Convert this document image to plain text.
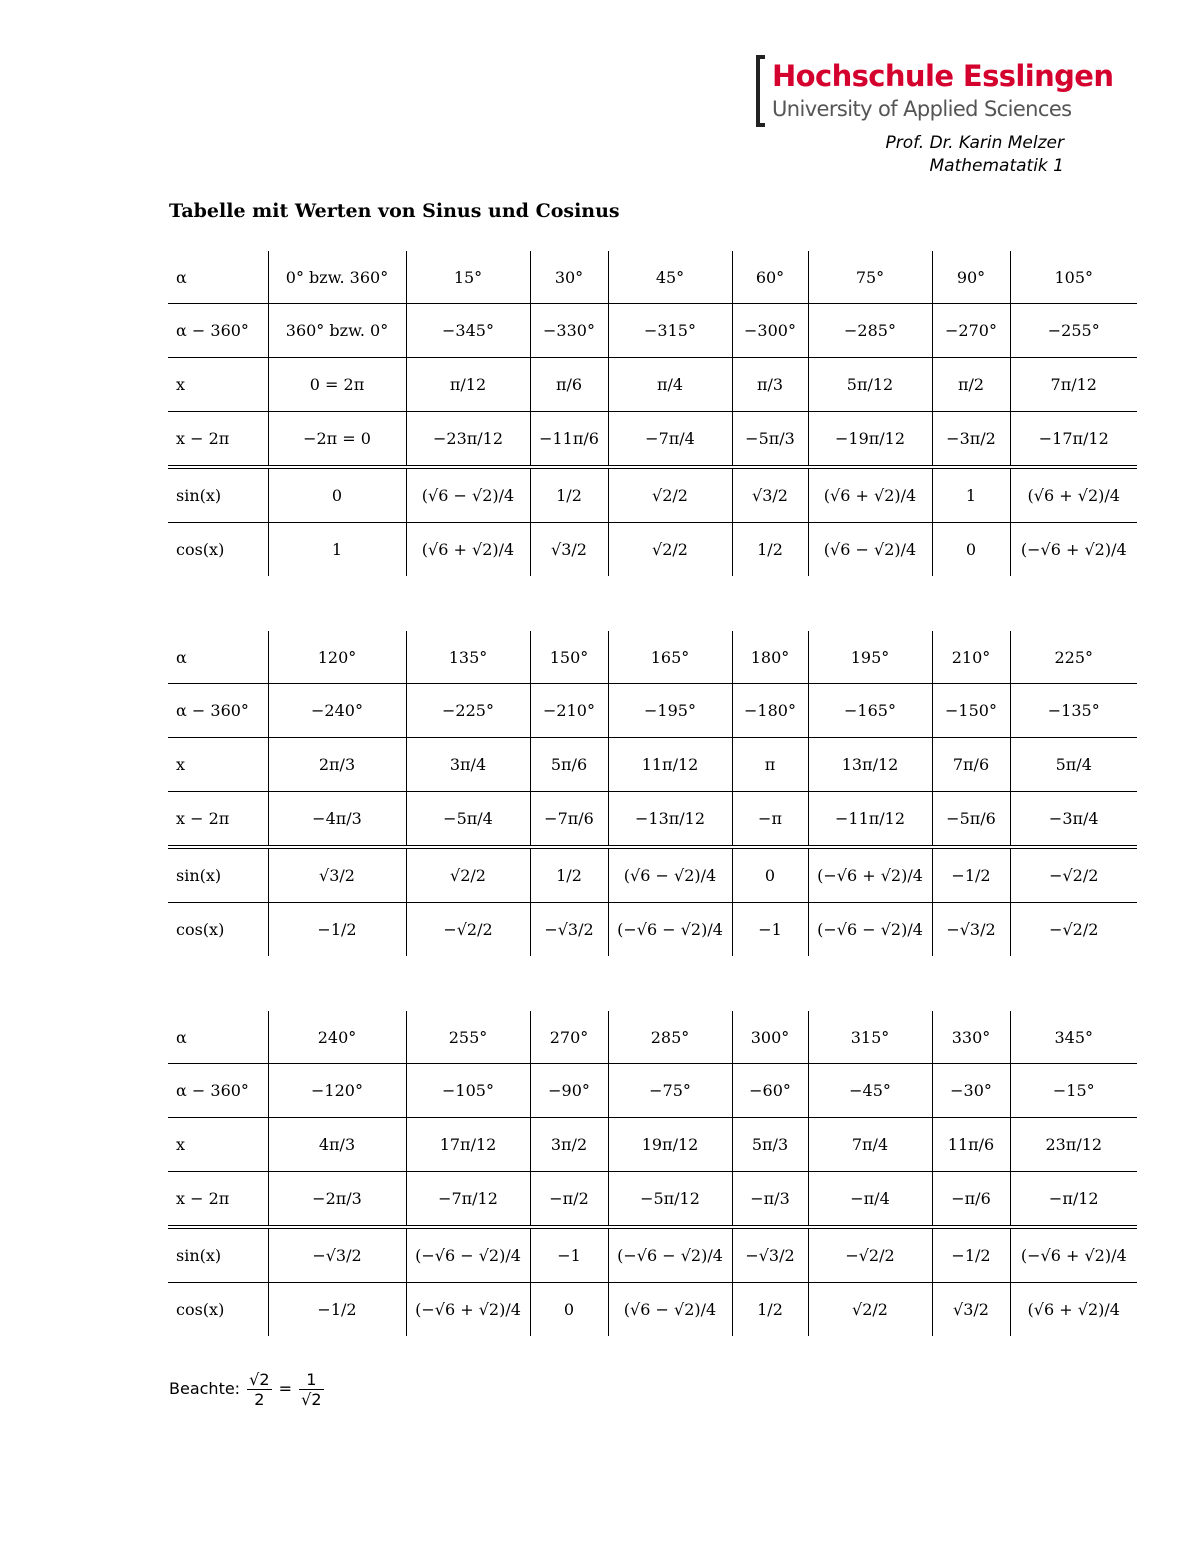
Hochschule Esslingen
University of Applied Sciences
Prof. Dr. Karin Melzer
Mathematatik 1
Tabelle mit Werten von Sinus und Cosinus
α	0° bzw. 360°	15°	30°	45°	60°	75°	90°	105°
α − 360°	360° bzw. 0°	−345°	−330°	−315°	−300°	−285°	−270°	−255°
x	0 = 2π	π/12	π/6	π/4	π/3	5π/12	π/2	7π/12
x − 2π	−2π = 0	−23π/12	−11π/6	−7π/4	−5π/3	−19π/12	−3π/2	−17π/12
sin(x)	0	(√6 − √2)/4	1/2	√2/2	√3/2	(√6 + √2)/4	1	(√6 + √2)/4
cos(x)	1	(√6 + √2)/4	√3/2	√2/2	1/2	(√6 − √2)/4	0	(−√6 + √2)/4
α	120°	135°	150°	165°	180°	195°	210°	225°
α − 360°	−240°	−225°	−210°	−195°	−180°	−165°	−150°	−135°
x	2π/3	3π/4	5π/6	11π/12	π	13π/12	7π/6	5π/4
x − 2π	−4π/3	−5π/4	−7π/6	−13π/12	−π	−11π/12	−5π/6	−3π/4
sin(x)	√3/2	√2/2	1/2	(√6 − √2)/4	0	(−√6 + √2)/4	−1/2	−√2/2
cos(x)	−1/2	−√2/2	−√3/2	(−√6 − √2)/4	−1	(−√6 − √2)/4	−√3/2	−√2/2
α	240°	255°	270°	285°	300°	315°	330°	345°
α − 360°	−120°	−105°	−90°	−75°	−60°	−45°	−30°	−15°
x	4π/3	17π/12	3π/2	19π/12	5π/3	7π/4	11π/6	23π/12
x − 2π	−2π/3	−7π/12	−π/2	−5π/12	−π/3	−π/4	−π/6	−π/12
sin(x)	−√3/2	(−√6 − √2)/4	−1	(−√6 − √2)/4	−√3/2	−√2/2	−1/2	(−√6 + √2)/4
cos(x)	−1/2	(−√6 + √2)/4	0	(√6 − √2)/4	1/2	√2/2	√3/2	(√6 + √2)/4
Beachte: $\frac{√2}{2} = \frac{1}{√2}$
